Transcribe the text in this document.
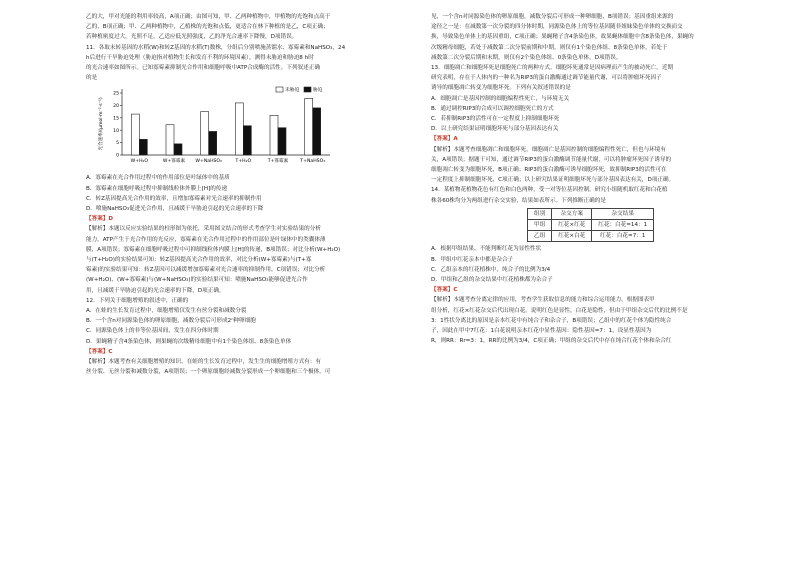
乙的大，甲对光能的利用率较高，A项正确；由图可知，甲、乙两种植物中，甲植物的光饱和点高于

乙的，B项正确；甲、乙两种植物中，乙植株的光饱和点低，更适合在林下种植的是乙，C项正确；

若种植密度过大，光照不足，乙适应低光照强度，乙的净光合速率下降慢，D项错误。

11．各取未转基因的水稻(W)和转Z基因的水稻(T)数株，分组后分别喷施蒸馏水、寡霉素和NaHSO₃，24

h后进行干旱胁迫处理（胁迫指对植物生长和发育不利的环境因素），测得未胁迫和胁迫8 h时

的光合速率如图所示。已知寡霉素抑制光合作用和细胞呼吸中ATP合成酶的活性。下列叙述正确

的是

光合速率/(μmol·m⁻²·s⁻¹)
0
5
10
15
20
25
W+H₂O	W+寡霉素 W+NaHSO₃	T+H₂O	T+寡霉素	T+NaHSO₃
未胁迫	胁迫

A．寡霉素在光合作用过程中的作用部位是叶绿体中的基质

B．寡霉素在细胞呼吸过程中抑制线粒体外膜上[H]的传递

C．转Z基因提高光合作用的效率，且增加寡霉素对光合速率的抑制作用

D．喷施NaHSO₃促进光合作用，且减缓干旱胁迫引起的光合速率的下降

【答案】D

【解析】本题以反应实验结果的柱形图为依托，采用图文结合的形式考查学生对实验结果的分析

能力。ATP产生于光合作用的光反应，寡霉素在光合作用过程中的作用部位是叶绿体中的类囊体薄

膜，A项错误；寡霉素在细胞呼吸过程中可抑制线粒体内膜上[H]的传递，B项错误；对比分析(W+H₂O)

与(T+H₂O)的实验结果可知：转Z基因提高光合作用的效率，对比分析(W+寡霉素)与(T+寡

霉素)的实验结果可知：转Z基因可以减缓增加寡霉素对光合速率的抑制作用，C项错误；对比分析

(W+H₂O)、(W+寡霉素)与(W+NaHSO₃)的实验结果可知：喷施NaHSO₃能够促进光合作

用，且减缓干旱胁迫引起的光合速率的下降，D项正确。

12．下列关于细胞增殖的叙述中，正确的

A．在蛙的生长发育过程中，细胞增殖仅发生有丝分裂和减数分裂

B．一个含n对同源染色体的卵原细胞，减数分裂后可形成2ⁿ种卵细胞

C．同源染色体上的非等位基因间，发生在四分体时期

D．果蝇精子含4条染色体，则果蝇的次级精母细胞中有1个染色体组、8条染色单体

【答案】C

【解析】本题考查有关细胞增殖的知识。在蛙的生长发育过程中，发生生的细胞增殖方式有：有

丝分裂、无丝分裂和减数分裂，A项错误；一个卵原细胞经减数分裂形成一个卵细胞和三个极体，可

见，一个含n对同源染色体的卵原细胞，减数分裂后可形成一种卵细胞，B项错误；基因重组来源的

途径之一是：在减数第一次分裂的四分体时期，同源染色体上的等位基因随非姐妹染色单体的交换而交

换，导致染色单体上的基因重组，C项正确；果蝇精子含4条染色体，故果蝇体细胞中含8条染色体，果蝇的

次级精母细胞，若处于减数第二次分裂前期和中期，则仅有1个染色体组、8条染色单体，若处于

减数第二次分裂后期和末期，则仅有2个染色体组、0条染色单体，D项错误。

13．细胞凋亡和细胞坏死是细胞死亡的两种方式。细胞坏死通常是因病理而产生的被动死亡。近期

研究表明，存在于人体内的一种名为RIP3的蛋白激酶通过调节能量代谢，可以将肿瘤坏死因子

诱导的细胞凋亡转变为细胞坏死。下列有关叙述错误的是

A．细胞凋亡是基因控制的细胞编程性死亡，与环境无关

B．通过调控RIP3的合成可以调控细胞死亡的方式

C．若抑制RIP3的活性可在一定程度上抑制细胞坏死

D．以上研究结果证明细胞坏死与部分基因表达有关

【答案】A

【解析】本题考查细胞凋亡和细胞坏死。细胞凋亡是基因控制的细胞编程性死亡，但也与环境有

关，A项错误；据题干可知，通过调节RIP3的蛋白激酶调节能量代谢，可以将肿瘤坏死因子诱导的

细胞凋亡转变为细胞坏死，B项正确；RIP3的蛋白激酶可诱导细胞坏死，故抑制RIP3的活性可在

一定程度上抑制细胞坏死，C项正确；以上研究结果证明细胞坏死与部分基因表达有关，D项正确。

14．某植物花植物花色有红色和白色两种，受一对等位基因控制。研究小组随机取红花和白花植

株各60株均分为两组进行杂交实验，结果如表所示。下列推断正确的是

组别	杂交方案	杂交结果
甲组	红花×红花	红花：白花=14：1
乙组	红花×白花	红花：白花=7：1

A．根据甲组结果，不能判断红花为显性性状

B．甲组中红花亲本中都是杂合子

C．乙组亲本的红花植株中，纯合子的比例为3/4

D．甲组和乙组的杂交结果中红花植株都为杂合子

【答案】C

【解析】本题考查分离定律的应用，考查学生获取信息的能力和综合运用能力。根据图表甲

组分析，红花×红花杂交后代出现白花，说明红色是显性，白花是隐性，但由于甲组杂交后代的比例不是

3：1性状分离比的原因是亲本红花中有纯合子和杂合子，B项错误；乙组中的红花个体为隐性纯合

子，因此在甲中7红花：1白花说明亲本红花中显性基因：隐性基因=7：1，设显性基因为

R，则RR：Rr=3：1，RR的比例为3/4，C项正确；甲组的杂交后代中存在纯合红花个体和杂合红
